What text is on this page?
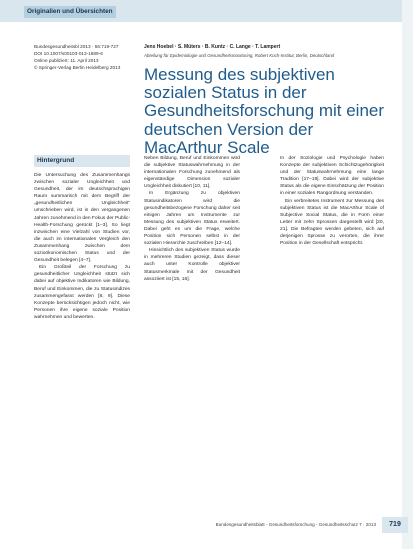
Originalien und Übersichten
Bundesgesundheitsbl 2013 · 56:719-727
DOI 10.1007/s00103-013-1689-6
Online publiziert: 11. April 2013
© Springer-Verlag Berlin Heidelberg 2013
Jens Hoebel · S. Müters · B. Kuntz · C. Lange · T. Lampert
Abteilung für Epidemiologie und Gesundheitsmonitoring, Robert Koch-Institut, Berlin, Deutschland
Messung des subjektiven sozialen Status in der Gesundheitsforschung mit einer deutschen Version der MacArthur Scale
Hintergrund

Die Untersuchung des Zusammenhangs zwischen sozialer Ungleichheit und Gesundheit, der im deutschsprachigen Raum summarisch mit dem Begriff der „gesundheitlichen Ungleichheit“ umschrieben wird, ist in den vergangenen Jahren zunehmend in den Fokus der Public-Health-Forschung gerückt [1–3]. So liegt inzwischen eine Vielzahl von Studien vor, die auch im internationalen Vergleich den Zusammenhang zwischen dem sozioökonomischen Status und der Gesundheit belegen [4–7].

Ein Großteil der Forschung zu gesundheitlicher Ungleichheit stützt sich dabei auf objektive Indikatoren wie Bildung, Beruf und Einkommen, die zu Statusindizes zusammengefasst werden [8, 9]. Diese Konzepte berücksichtigen jedoch nicht, wie Personen ihre eigene soziale Position wahrnehmen und bewerten.

Neben Bildung, Beruf und Einkommen wird die subjektive Statuswahrnehmung in der internationalen Forschung zunehmend als eigenständige Dimension sozialer Ungleichheit diskutiert [10, 11].

In Ergänzung zu objektiven Statusindikatoren wird die gesundheitsbezogene Forschung daher seit einigen Jahren um Instrumente zur Messung des subjektiven Status erweitert. Dabei geht es um die Frage, welche Position sich Personen selbst in der sozialen Hierarchie zuschreiben [12–14].

Hinsichtlich des subjektiven Status wurde in mehreren Studien gezeigt, dass dieser auch unter Kontrolle objektiver Statusmerkmale mit der Gesundheit assoziiert ist [15, 16].

In der Soziologie und Psychologie haben Konzepte der subjektiven Schichtzugehörigkeit und der Statuswahrnehmung eine lange Tradition [17–19]. Dabei wird der subjektive Status als die eigene Einschätzung der Position in einer sozialen Rangordnung verstanden.

Ein verbreitetes Instrument zur Messung des subjektiven Status ist die MacArthur Scale of Subjective Social Status, die in Form einer Leiter mit zehn Sprossen dargestellt wird [20, 21]. Die Befragten werden gebeten, sich auf derjenigen Sprosse zu verorten, die ihrer Position in der Gesellschaft entspricht.

Bundesgesundheitsblatt - Gesundheitsforschung - Gesundheitsschutz 7 · 2013	719
